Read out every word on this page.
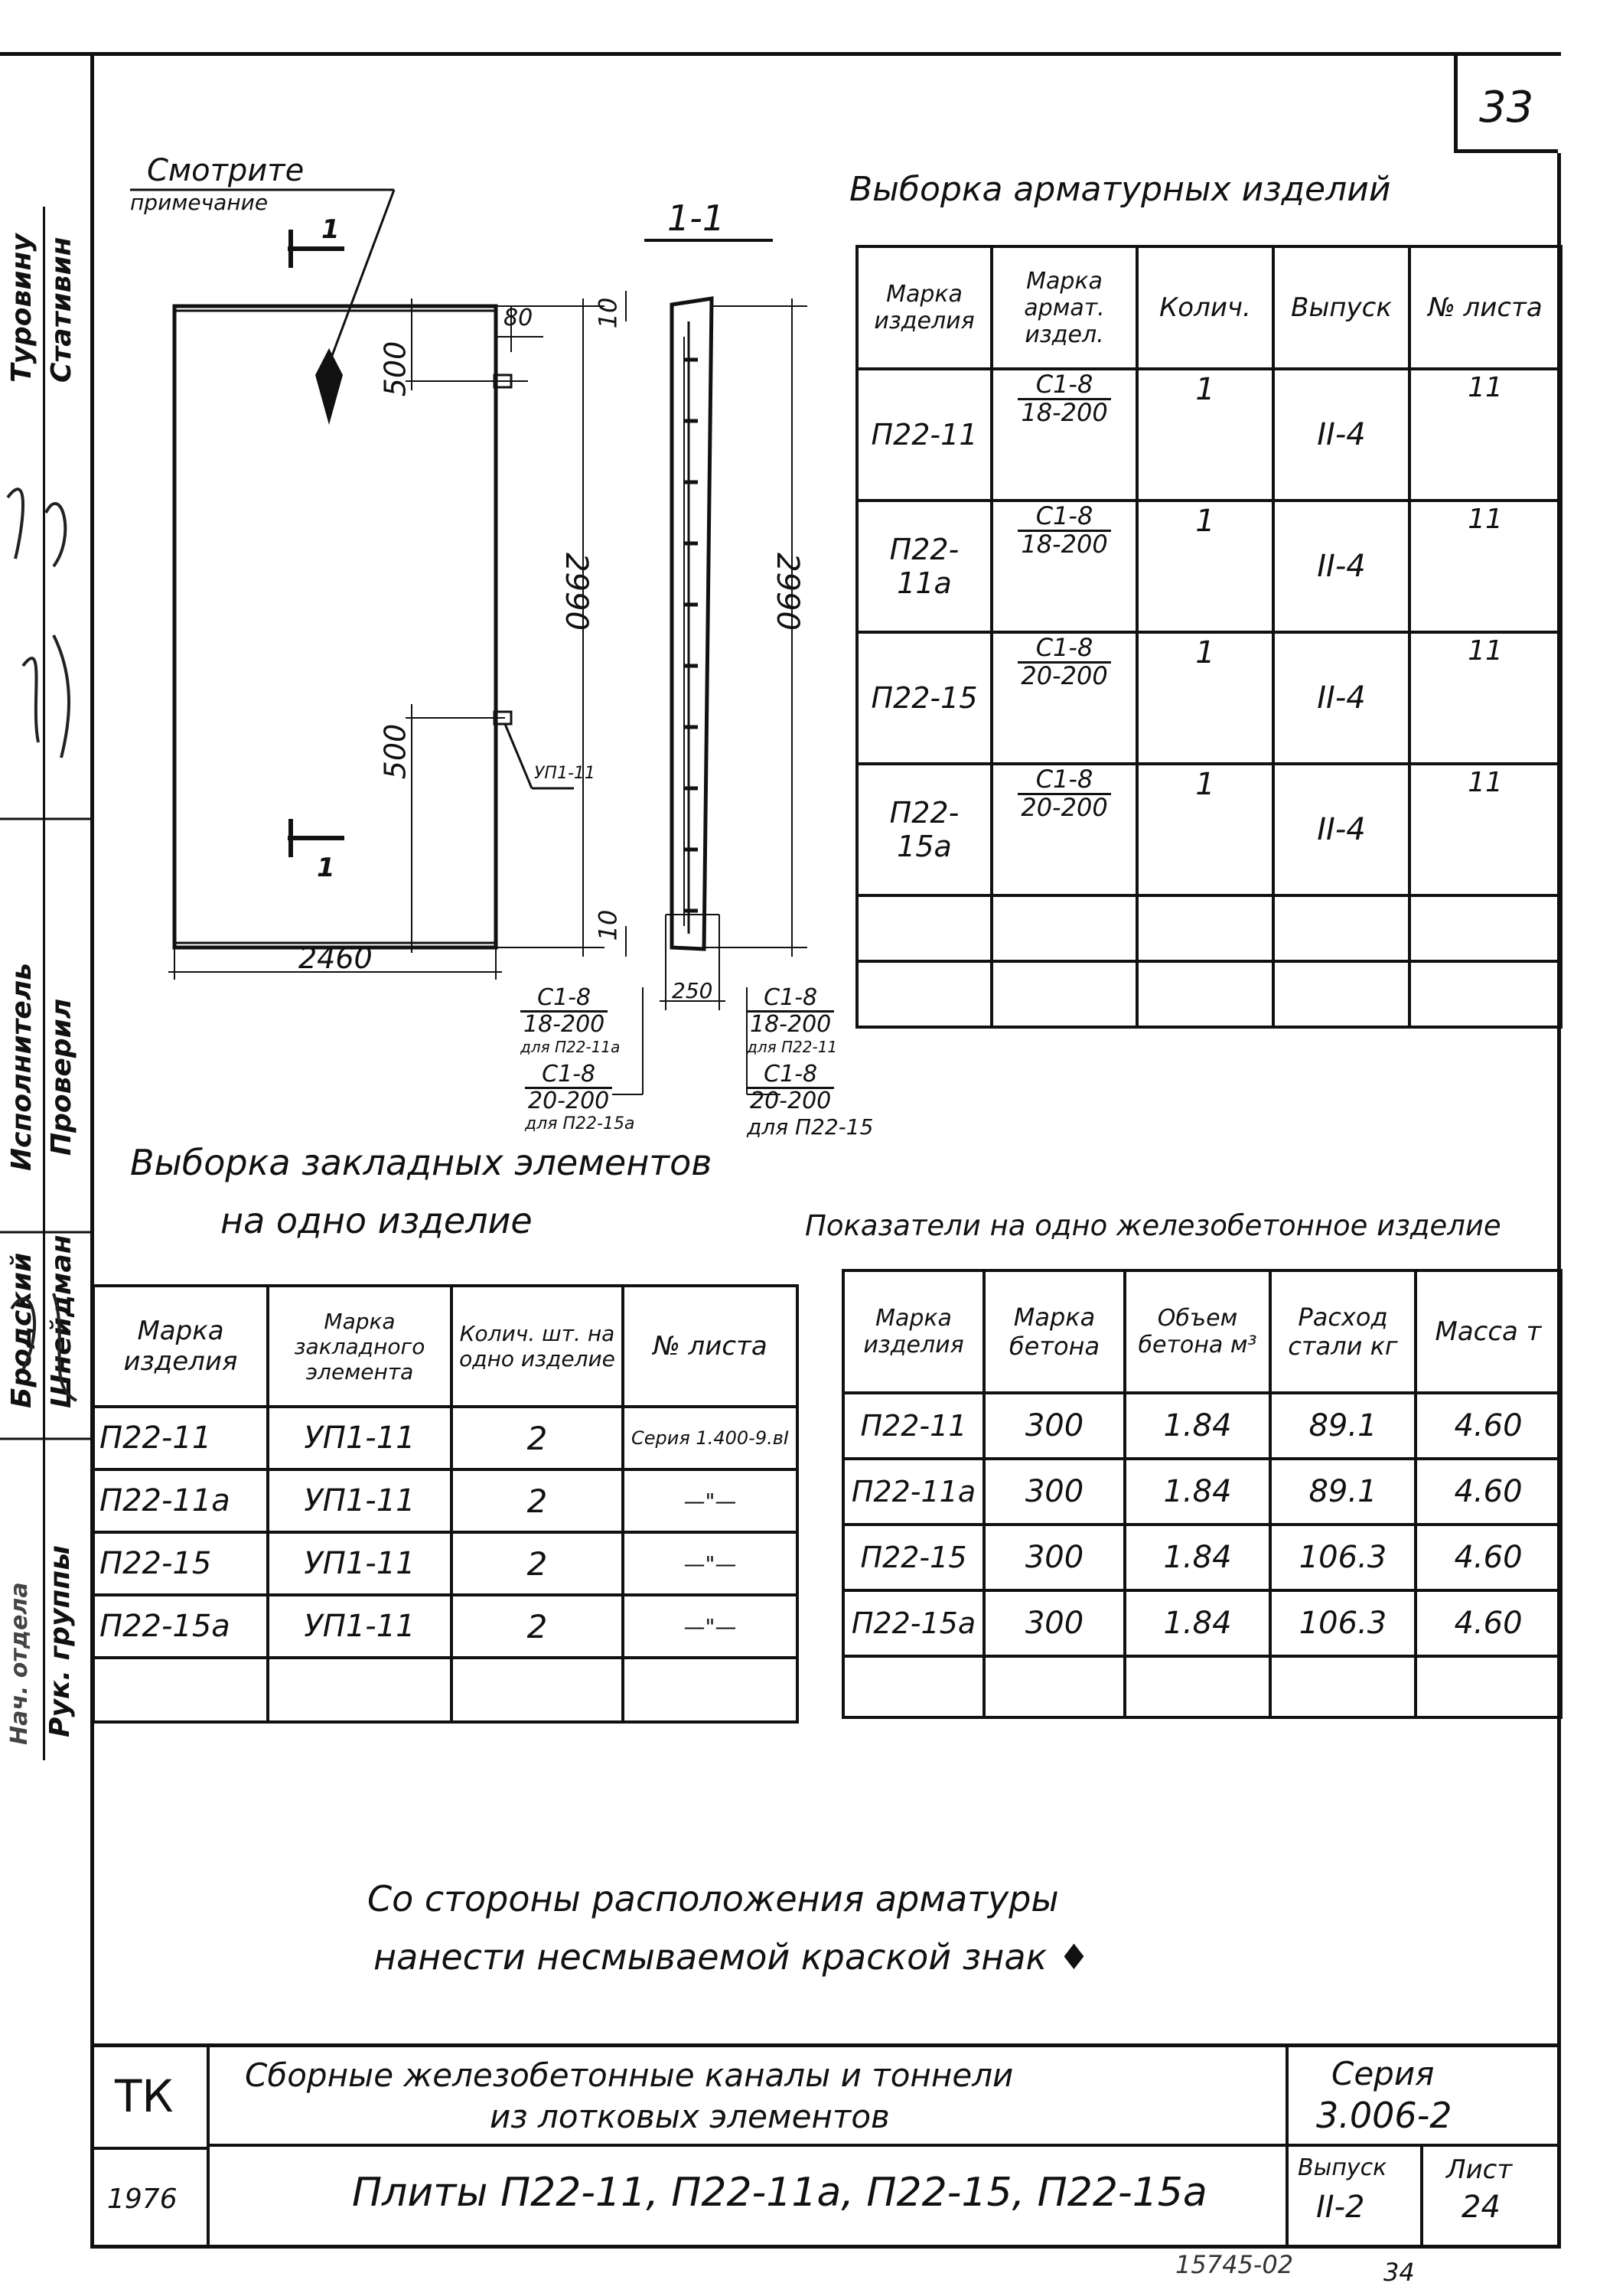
33
Рук. группы
Нач. отдела
Бродский Шнейдман
Исполнитель Проверил
Туровину Стативин
Смотрите
примечание
1	1-1
1
80
500
500
2990	2990
10
10
УП1-11
250
2460
$\frac{C1-8}{18-200}$
для П22-11а
$\frac{C1-8}{18-200}$
для П22-11
$\frac{C1-8}{20-200}$
для П22-15а
$\frac{C1-8}{20-200}$
для П22-15
Выборка арматурных изделий
Марка изделия	Марка армат. издел.	Колич.	Выпуск	№ листа
П22-11	$\frac{C1-8}{18-200}$	1	II-4	11
П22-11а	$\frac{C1-8}{18-200}$	1	II-4	11
П22-15	$\frac{C1-8}{20-200}$	1	II-4	11
П22-15а	$\frac{C1-8}{20-200}$	1	II-4	11

Выборка закладных элементов
на одно изделие	Показатели на одно железобетонное изделие
Марка изделия	Марка закладного элемента	Колич. шт. на одно изделие	№ листа
П22-11	УП1-11	2	Серия 1.400-9.вI
П22-11а	УП1-11	2	—"—
П22-15	УП1-11	2	—"—
П22-15а	УП1-11	2	—"—

Марка изделия	Марка бетона	Объем бетона м³	Расход стали кг	Масса т
П22-11	300	1.84	89.1	4.60
П22-11а	300	1.84	89.1	4.60
П22-15	300	1.84	106.3	4.60
П22-15а	300	1.84	106.3	4.60

Со стороны расположения арматуры
нанести несмываемой краской знак ♦
ТК
1976
Сборные железобетонные каналы и тоннели
из лотковых элементов
Плиты П22-11, П22-11а, П22-15, П22-15а
Серия
3.006-2
Выпуск
II-2
Лист
24
15745-02	34
